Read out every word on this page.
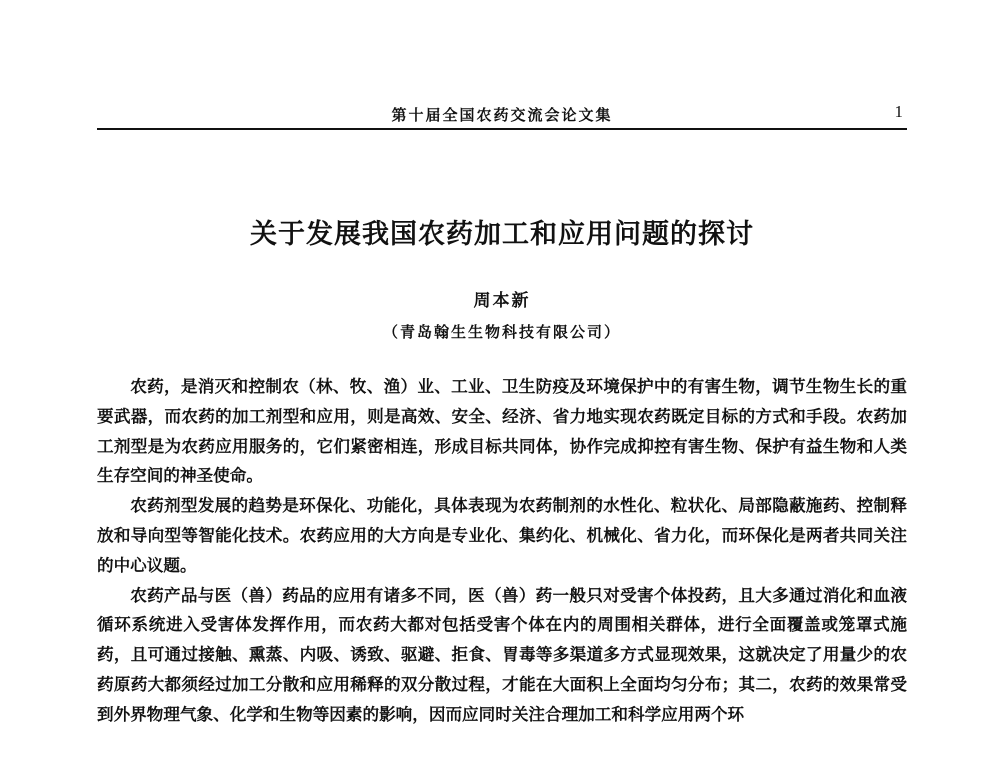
第十届全国农药交流会论文集	1
关于发展我国农药加工和应用问题的探讨
周本新
（青岛翰生生物科技有限公司）

农药，是消灭和控制农（林、牧、渔）业、工业、卫生防疫及环境保护中的有害生物，调节生物生长的重要武器，而农药的加工剂型和应用，则是高效、安全、经济、省力地实现农药既定目标的方式和手段。农药加工剂型是为农药应用服务的，它们紧密相连，形成目标共同体，协作完成抑控有害生物、保护有益生物和人类生存空间的神圣使命。

农药剂型发展的趋势是环保化、功能化，具体表现为农药制剂的水性化、粒状化、局部隐蔽施药、控制释放和导向型等智能化技术。农药应用的大方向是专业化、集约化、机械化、省力化，而环保化是两者共同关注的中心议题。

农药产品与医（兽）药品的应用有诸多不同，医（兽）药一般只对受害个体投药，且大多通过消化和血液循环系统进入受害体发挥作用，而农药大都对包括受害个体在内的周围相关群体，进行全面覆盖或笼罩式施药，且可通过接触、熏蒸、内吸、诱致、驱避、拒食、胃毒等多渠道多方式显现效果，这就决定了用量少的农药原药大都须经过加工分散和应用稀释的双分散过程，才能在大面积上全面均匀分布；其二，农药的效果常受到外界物理气象、化学和生物等因素的影响，因而应同时关注合理加工和科学应用两个环
